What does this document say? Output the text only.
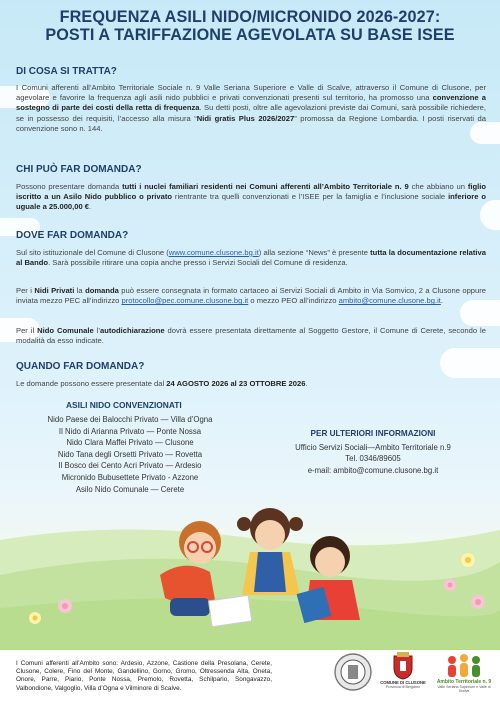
FREQUENZA ASILI NIDO/MICRONIDO 2026-2027:
POSTI A TARIFFAZIONE AGEVOLATA SU BASE ISEE
DI COSA SI TRATTA?
I Comuni afferenti all’Ambito Territoriale Sociale n. 9 Valle Seriana Superiore e Valle di Scalve, attraverso il Comune di Clusone, per agevolare e favorire la frequenza agli asili nido pubblici e privati convenzionati presenti sul territorio, ha promosso una convenzione a sostegno di parte dei costi della retta di frequenza. Su detti posti, oltre alle agevolazioni previste dai Comuni, sarà possibile richiedere, se in possesso dei requisiti, l’accesso alla misura “Nidi gratis Plus 2026/2027” promossa da Regione Lombardia. I posti riservati da convenzione sono n. 144.
CHI PUÒ FAR DOMANDA?
Possono presentare domanda tutti i nuclei familiari residenti nei Comuni afferenti all’Ambito Territoriale n. 9 che abbiano un figlio iscritto a un Asilo Nido pubblico o privato rientrante tra quelli convenzionati e l’ISEE per la famiglia e l’inclusione sociale inferiore o uguale a 25.000,00 €.
DOVE FAR DOMANDA?
Sul sito istituzionale del Comune di Clusone (www.comune.clusone.bg.it) alla sezione “News” è presente tutta la documentazione relativa al Bando. Sarà possibile ritirare una copia anche presso i Servizi Sociali del Comune di residenza.
Per i Nidi Privati la domanda può essere consegnata in formato cartaceo ai Servizi Sociali di Ambito in Via Somvico, 2 a Clusone oppure inviata mezzo PEC all’indirizzo protocollo@pec.comune.clusone.bg.it o mezzo PEO all’indirizzo ambito@comune.clusone.bg.it.
Per il Nido Comunale l’autodichiarazione dovrà essere presentata direttamente al Soggetto Gestore, il Comune di Cerete, secondo le modalità da esso indicate.
QUANDO FAR DOMANDA?
Le domande possono essere presentate dal 24 AGOSTO 2026 al 23 OTTOBRE 2026.
ASILI NIDO CONVENZIONATI
Nido Paese dei Balocchi Privato — Villa d’Ogna
Il Nido di Arianna Privato — Ponte Nossa
Nido Clara Maffei Privato — Clusone
Nido Tana degli Orsetti Privato — Rovetta
Il Bosco dei Cento Acri Privato — Ardesio
Micronido Bubusettete Privato - Azzone
Asilo Nido Comunale — Cerete
PER ULTERIORI INFORMAZIONI
Ufficio Servizi Sociali—Ambito Territoriale n.9
Tel. 0346/89605
e-mail: ambito@comune.clusone.bg.it
I Comuni afferenti all’Ambito sono: Ardesio, Azzone, Castione della Presolana, Cerete, Clusone, Colere, Fino del Monte, Gandellino, Gorno, Gromo, Oltressenda Alta, Oneta, Onore, Parre, Piario, Ponte Nossa, Premolo, Rovetta, Schilpario, Songavazzo, Valbondione, Valgoglio, Villa d’Ogna e Vilminore di Scalve.
COMUNE DI CLUSONE
Provincia di Bergamo
Ambito Territoriale n. 9
Valle Seriana Superiore e Valle di Scalve
